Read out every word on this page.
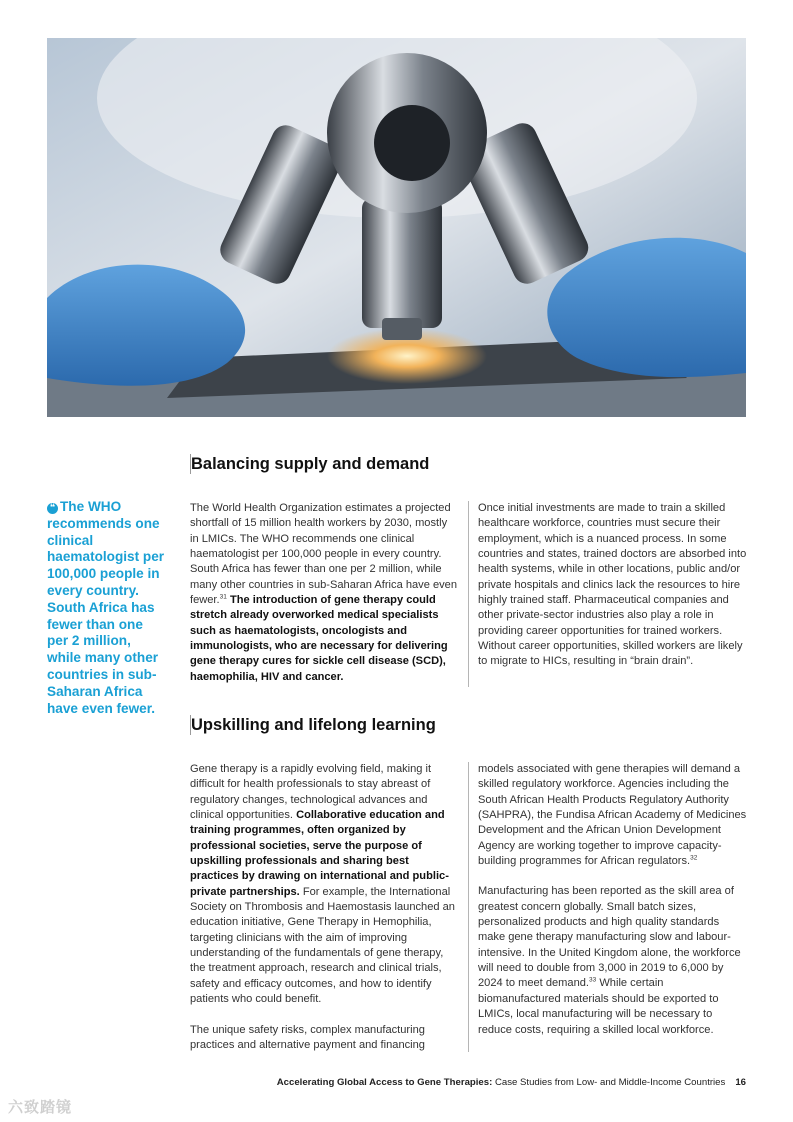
Balancing supply and demand
❝ The WHO recommends one clinical haematologist per 100,000 people in every country. South Africa has fewer than one per 2 million, while many other countries in sub-Saharan Africa have even fewer.
The World Health Organization estimates a projected shortfall of 15 million health workers by 2030, mostly in LMICs. The WHO recommends one clinical haematologist per 100,000 people in every country. South Africa has fewer than one per 2 million, while many other countries in sub-Saharan Africa have even fewer.$^{31}$ The introduction of gene therapy could stretch already overworked medical specialists such as haematologists, oncologists and immunologists, who are necessary for delivering gene therapy cures for sickle cell disease (SCD), haemophilia, HIV and cancer.
Once initial investments are made to train a skilled healthcare workforce, countries must secure their employment, which is a nuanced process. In some countries and states, trained doctors are absorbed into health systems, while in other locations, public and/or private hospitals and clinics lack the resources to hire highly trained staff. Pharmaceutical companies and other private-sector industries also play a role in providing career opportunities for trained workers. Without career opportunities, skilled workers are likely to migrate to HICs, resulting in “brain drain”.
Upskilling and lifelong learning

Gene therapy is a rapidly evolving field, making it difficult for health professionals to stay abreast of regulatory changes, technological advances and clinical opportunities. Collaborative education and training programmes, often organized by professional societies, serve the purpose of upskilling professionals and sharing best practices by drawing on international and public-private partnerships. For example, the International Society on Thrombosis and Haemostasis launched an education initiative, Gene Therapy in Hemophilia, targeting clinicians with the aim of improving understanding of the fundamentals of gene therapy, the treatment approach, research and clinical trials, safety and efficacy outcomes, and how to identify patients who could benefit.

The unique safety risks, complex manufacturing practices and alternative payment and financing

models associated with gene therapies will demand a skilled regulatory workforce. Agencies including the South African Health Products Regulatory Authority (SAHPRA), the Fundisa African Academy of Medicines Development and the African Union Development Agency are working together to improve capacity-building programmes for African regulators.$^{32}$

Manufacturing has been reported as the skill area of greatest concern globally. Small batch sizes, personalized products and high quality standards make gene therapy manufacturing slow and labour-intensive. In the United Kingdom alone, the workforce will need to double from 3,000 in 2019 to 6,000 by 2024 to meet demand.$^{33}$ While certain biomanufactured materials should be exported to LMICs, local manufacturing will be necessary to reduce costs, requiring a skilled local workforce.

Accelerating Global Access to Gene Therapies: Case Studies from Low- and Middle-Income Countries 16
六致踏镜
